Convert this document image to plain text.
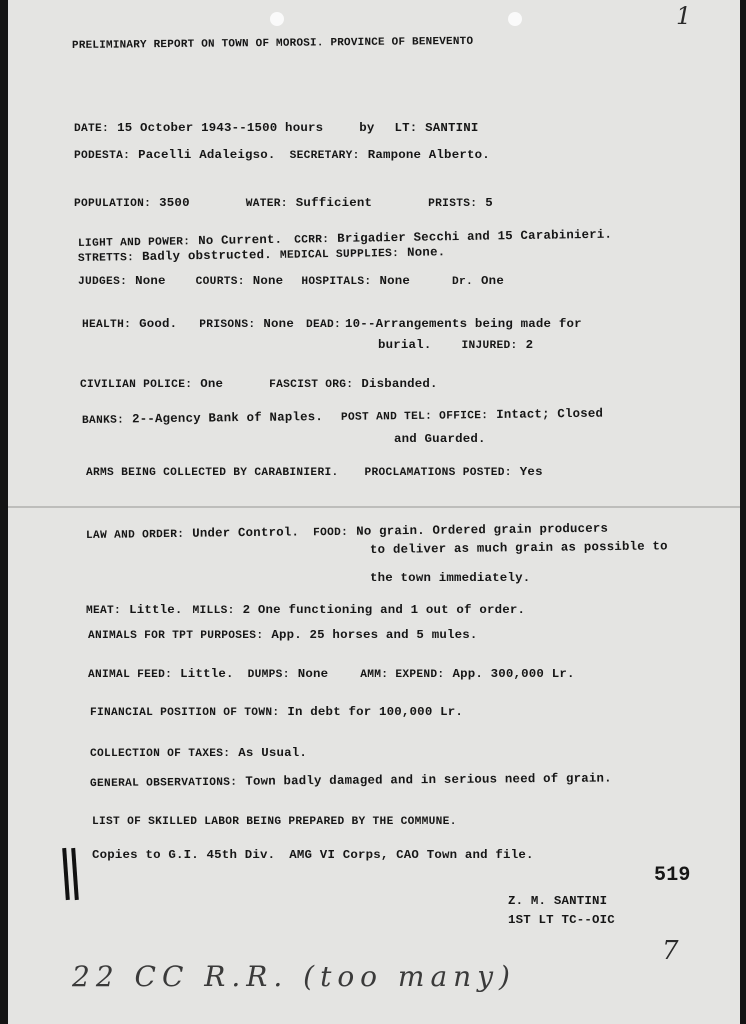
1
PRELIMINARY REPORT ON TOWN OF MOROSI. PROVINCE OF BENEVENTO
DATE: 15 October 1943--1500 hours	by LT: SANTINI
PODESTA: Pacelli Adaleigso. SECRETARY: Rampone Alberto.
POPULATION: 3500	WATER: Sufficient	PRISTS: 5
LIGHT AND POWER: No Current. CCRR: Brigadier Secchi and 15 Carabinieri.
STRETTS: Badly obstructed. MEDICAL SUPPLIES: None.
JUDGES: None	COURTS: None HOSPITALS: None	Dr. One
HEALTH: Good. PRISONS: None DEAD: 10--Arrangements being made for
burial.	INJURED: 2
CIVILIAN POLICE: One	FASCIST ORG: Disbanded.
BANKS: 2--Agency Bank of Naples. POST AND TEL: OFFICE: Intact; Closed
and Guarded.
ARMS BEING COLLECTED BY CARABINIERI. PROCLAMATIONS POSTED: Yes
LAW AND ORDER: Under Control. FOOD: No grain. Ordered grain producers
to deliver as much grain as possible to
the town immediately.
MEAT: Little. MILLS: 2 One functioning and 1 out of order.
ANIMALS FOR TPT PURPOSES: App. 25 horses and 5 mules.
ANIMAL FEED: Little. DUMPS: None	AMM: EXPEND: App. 300,000 Lr.
FINANCIAL POSITION OF TOWN: In debt for 100,000 Lr.
COLLECTION OF TAXES: As Usual.
GENERAL OBSERVATIONS: Town badly damaged and in serious need of grain.
LIST OF SKILLED LABOR BEING PREPARED BY THE COMMUNE.
Copies to G.I. 45th Div. AMG VI Corps, CAO Town and file.
519
Z. M. SANTINI
1ST LT TC--OIC
7
22 CC R.R. (too many)
